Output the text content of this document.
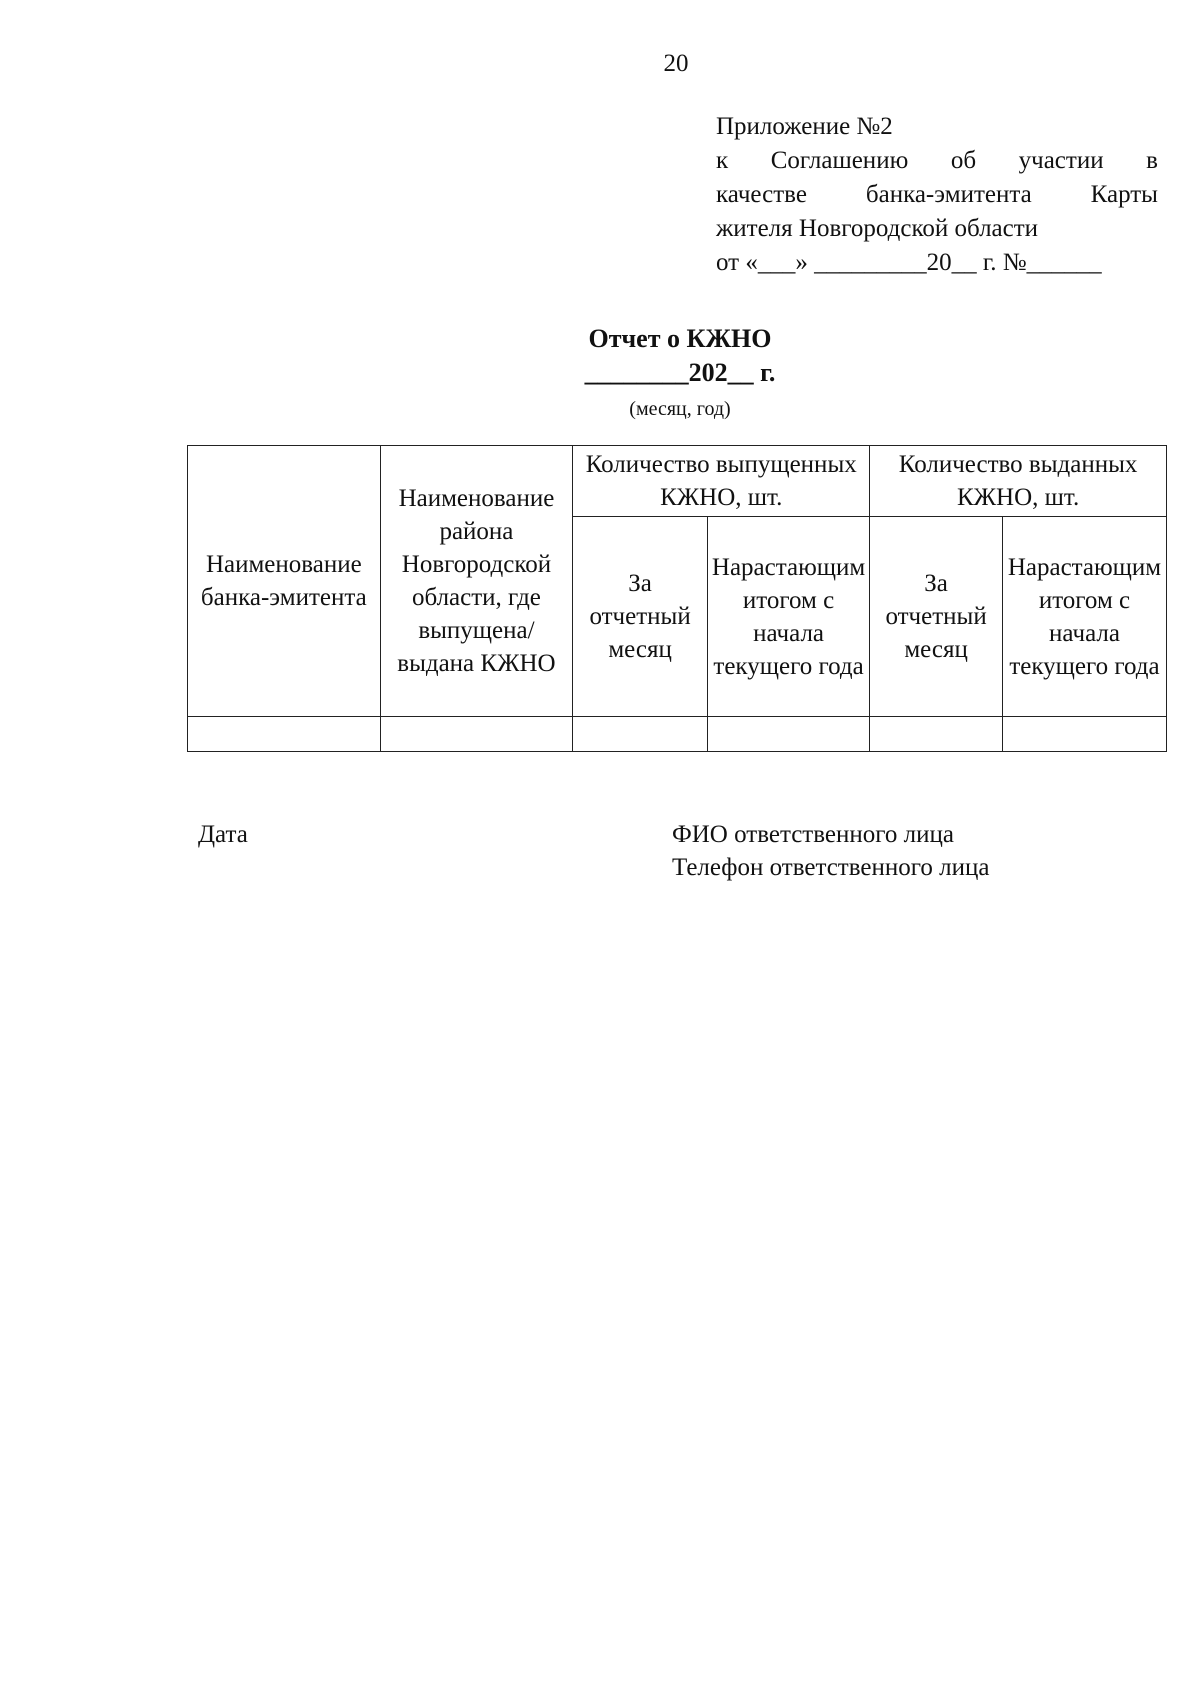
20
Приложение №2
к Соглашению об участии в
качестве банка-эмитента Карты
жителя Новгородской области
от «___» _________20__ г. №______
Отчет о КЖНО
________202__ г.
(месяц, год)
Наименование банка-эмитента	Наименование района Новгородской области, где выпущена/выдана КЖНО	Количество выпущенных КЖНО, шт.		Количество выданных КЖНО, шт.	
		За отчетный месяц	Нарастающим итогом с начала текущего года	За отчетный месяц	Нарастающим итогом с начала текущего года

Дата	ФИО ответственного лица
Телефон ответственного лица
